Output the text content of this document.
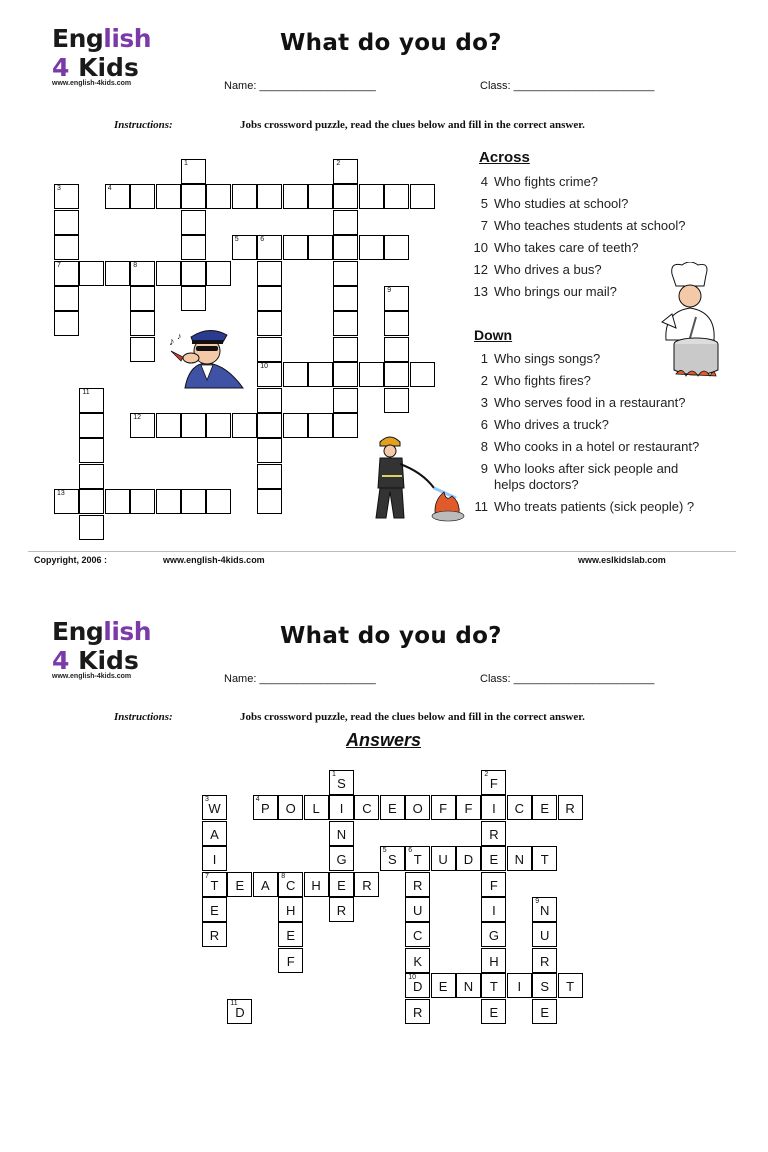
English
4 Kids
www.english-4kids.com
What do you do?
Name: ___________________	Class: _______________________
Instructions:	Jobs crossword puzzle, read the clues below and fill in the correct answer.
1	2
3
7
4
5	6
10
8
9
11
12
13
Across
4 Who fights crime?
5 Who studies at school?
7 Who teaches students at school?
10 Who takes care of teeth?
12 Who drives a bus?
13 Who brings our mail?
Down
1 Who sings songs?
2 Who fights fires?
3 Who serves food in a restaurant?
6 Who drives a truck?
8 Who cooks in a hotel or restaurant?
9 Who looks after sick people and helps doctors?
11 Who treats patients (sick people) ?
♪ ♪
Copyright, 2006 :	www.english-4kids.com	www.eslkidslab.com
English
4 Kids
www.english-4kids.com
What do you do?
Name: ___________________	Class: _______________________
Instructions:	Jobs crossword puzzle, read the clues below and fill in the correct answer.
Answers
1
S
I
N
G
E
R
2
F
I
R
E
F
I
G
H
T
E
3
W
A
I
7
T
E
R
4
P	O	L	C	E	O	F	F	C	E	R
5
S
6
T	U	D	N	T
R
U
C
K
10
D
R
E	A
8
C	H	R
H
E
F
9
N
U
R
S
E
E	N	I	T
11
D
